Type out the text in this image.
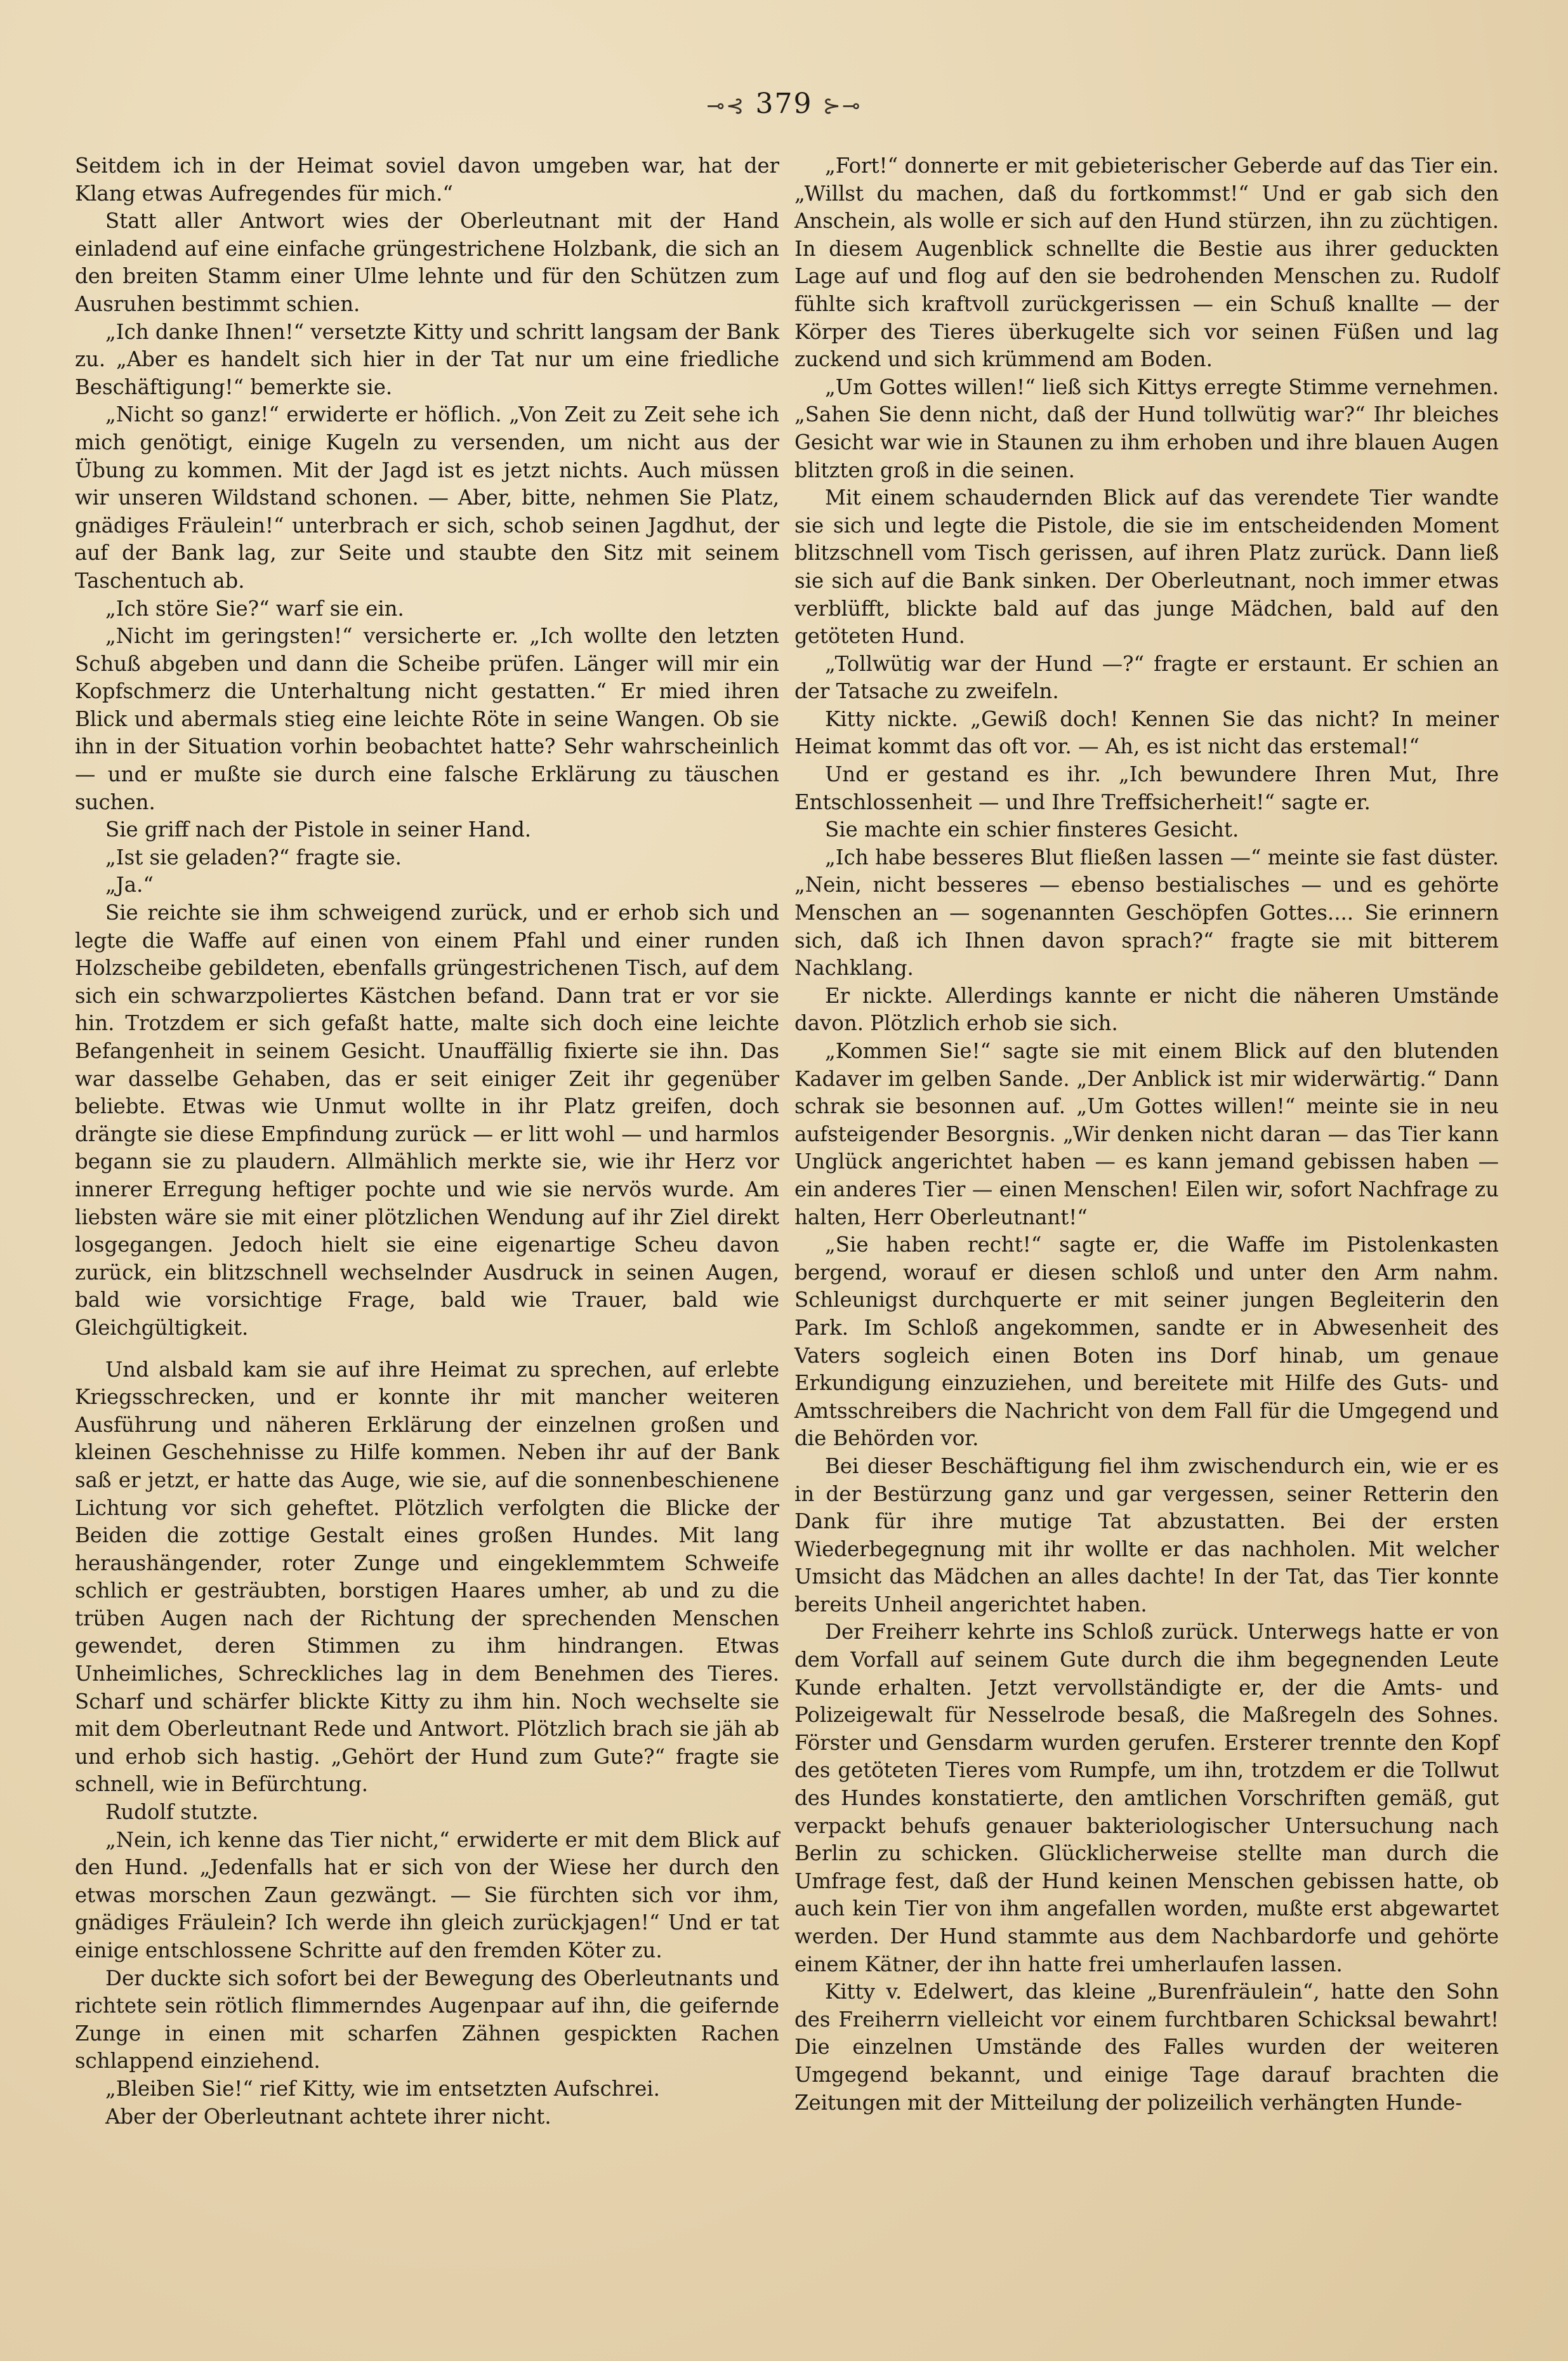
⊸⊰ 379 ⊱⊸

Seitdem ich in der Heimat soviel davon umgeben war, hat der Klang etwas Aufregendes für mich.“

Statt aller Antwort wies der Oberleutnant mit der Hand einladend auf eine einfache grüngestrichene Holzbank, die sich an den breiten Stamm einer Ulme lehnte und für den Schützen zum Ausruhen bestimmt schien.

„Ich danke Ihnen!“ versetzte Kitty und schritt langsam der Bank zu. „Aber es handelt sich hier in der Tat nur um eine friedliche Beschäftigung!“ bemerkte sie.

„Nicht so ganz!“ erwiderte er höflich. „Von Zeit zu Zeit sehe ich mich genötigt, einige Kugeln zu versenden, um nicht aus der Übung zu kommen. Mit der Jagd ist es jetzt nichts. Auch müssen wir unseren Wildstand schonen. — Aber, bitte, nehmen Sie Platz, gnädiges Fräulein!“ unterbrach er sich, schob seinen Jagdhut, der auf der Bank lag, zur Seite und staubte den Sitz mit seinem Taschentuch ab.

„Ich störe Sie?“ warf sie ein.

„Nicht im geringsten!“ versicherte er. „Ich wollte den letzten Schuß abgeben und dann die Scheibe prüfen. Länger will mir ein Kopfschmerz die Unterhaltung nicht gestatten.“ Er mied ihren Blick und abermals stieg eine leichte Röte in seine Wangen. Ob sie ihn in der Situation vorhin beobachtet hatte? Sehr wahrscheinlich — und er mußte sie durch eine falsche Erklärung zu täuschen suchen.

Sie griff nach der Pistole in seiner Hand.

„Ist sie geladen?“ fragte sie.

„Ja.“

Sie reichte sie ihm schweigend zurück, und er erhob sich und legte die Waffe auf einen von einem Pfahl und einer runden Holzscheibe gebildeten, ebenfalls grüngestrichenen Tisch, auf dem sich ein schwarzpoliertes Kästchen befand. Dann trat er vor sie hin. Trotzdem er sich gefaßt hatte, malte sich doch eine leichte Befangenheit in seinem Gesicht. Unauffällig fixierte sie ihn. Das war dasselbe Gehaben, das er seit einiger Zeit ihr gegenüber beliebte. Etwas wie Unmut wollte in ihr Platz greifen, doch drängte sie diese Empfindung zurück — er litt wohl — und harmlos begann sie zu plaudern. Allmählich merkte sie, wie ihr Herz vor innerer Erregung heftiger pochte und wie sie nervös wurde. Am liebsten wäre sie mit einer plötzlichen Wendung auf ihr Ziel direkt losgegangen. Jedoch hielt sie eine eigenartige Scheu davon zurück, ein blitzschnell wechselnder Ausdruck in seinen Augen, bald wie vorsichtige Frage, bald wie Trauer, bald wie Gleichgültigkeit.

Und alsbald kam sie auf ihre Heimat zu sprechen, auf erlebte Kriegsschrecken, und er konnte ihr mit mancher weiteren Ausführung und näheren Erklärung der einzelnen großen und kleinen Geschehnisse zu Hilfe kommen. Neben ihr auf der Bank saß er jetzt, er hatte das Auge, wie sie, auf die sonnenbeschienene Lichtung vor sich geheftet. Plötzlich verfolgten die Blicke der Beiden die zottige Gestalt eines großen Hundes. Mit lang heraushängender, roter Zunge und eingeklemmtem Schweife schlich er gesträubten, borstigen Haares umher, ab und zu die trüben Augen nach der Richtung der sprechenden Menschen gewendet, deren Stimmen zu ihm hindrangen. Etwas Unheimliches, Schreckliches lag in dem Benehmen des Tieres. Scharf und schärfer blickte Kitty zu ihm hin. Noch wechselte sie mit dem Oberleutnant Rede und Antwort. Plötzlich brach sie jäh ab und erhob sich hastig. „Gehört der Hund zum Gute?“ fragte sie schnell, wie in Befürchtung.

Rudolf stutzte.

„Nein, ich kenne das Tier nicht,“ erwiderte er mit dem Blick auf den Hund. „Jedenfalls hat er sich von der Wiese her durch den etwas morschen Zaun gezwängt. — Sie fürchten sich vor ihm, gnädiges Fräulein? Ich werde ihn gleich zurückjagen!“ Und er tat einige entschlossene Schritte auf den fremden Köter zu.

Der duckte sich sofort bei der Bewegung des Oberleutnants und richtete sein rötlich flimmerndes Augenpaar auf ihn, die geifernde Zunge in einen mit scharfen Zähnen gespickten Rachen schlappend einziehend.

„Bleiben Sie!“ rief Kitty, wie im entsetzten Aufschrei.

Aber der Oberleutnant achtete ihrer nicht.

„Fort!“ donnerte er mit gebieterischer Geberde auf das Tier ein. „Willst du machen, daß du fortkommst!“ Und er gab sich den Anschein, als wolle er sich auf den Hund stürzen, ihn zu züchtigen. In diesem Augenblick schnellte die Bestie aus ihrer geduckten Lage auf und flog auf den sie bedrohenden Menschen zu. Rudolf fühlte sich kraftvoll zurückgerissen — ein Schuß knallte — der Körper des Tieres überkugelte sich vor seinen Füßen und lag zuckend und sich krümmend am Boden.

„Um Gottes willen!“ ließ sich Kittys erregte Stimme vernehmen. „Sahen Sie denn nicht, daß der Hund tollwütig war?“ Ihr bleiches Gesicht war wie in Staunen zu ihm erhoben und ihre blauen Augen blitzten groß in die seinen.

Mit einem schaudernden Blick auf das verendete Tier wandte sie sich und legte die Pistole, die sie im entscheidenden Moment blitzschnell vom Tisch gerissen, auf ihren Platz zurück. Dann ließ sie sich auf die Bank sinken. Der Oberleutnant, noch immer etwas verblüfft, blickte bald auf das junge Mädchen, bald auf den getöteten Hund.

„Tollwütig war der Hund —?“ fragte er erstaunt. Er schien an der Tatsache zu zweifeln.

Kitty nickte. „Gewiß doch! Kennen Sie das nicht? In meiner Heimat kommt das oft vor. — Ah, es ist nicht das erstemal!“

Und er gestand es ihr. „Ich bewundere Ihren Mut, Ihre Entschlossenheit — und Ihre Treffsicherheit!“ sagte er.

Sie machte ein schier finsteres Gesicht.

„Ich habe besseres Blut fließen lassen —“ meinte sie fast düster. „Nein, nicht besseres — ebenso bestialisches — und es gehörte Menschen an — sogenannten Geschöpfen Gottes.... Sie erinnern sich, daß ich Ihnen davon sprach?“ fragte sie mit bitterem Nachklang.

Er nickte. Allerdings kannte er nicht die näheren Umstände davon. Plötzlich erhob sie sich.

„Kommen Sie!“ sagte sie mit einem Blick auf den blutenden Kadaver im gelben Sande. „Der Anblick ist mir widerwärtig.“ Dann schrak sie besonnen auf. „Um Gottes willen!“ meinte sie in neu aufsteigender Besorgnis. „Wir denken nicht daran — das Tier kann Unglück angerichtet haben — es kann jemand gebissen haben — ein anderes Tier — einen Menschen! Eilen wir, sofort Nachfrage zu halten, Herr Oberleutnant!“

„Sie haben recht!“ sagte er, die Waffe im Pistolenkasten bergend, worauf er diesen schloß und unter den Arm nahm. Schleunigst durchquerte er mit seiner jungen Begleiterin den Park. Im Schloß angekommen, sandte er in Abwesenheit des Vaters sogleich einen Boten ins Dorf hinab, um genaue Erkundigung einzuziehen, und bereitete mit Hilfe des Guts- und Amtsschreibers die Nachricht von dem Fall für die Umgegend und die Behörden vor.

Bei dieser Beschäftigung fiel ihm zwischendurch ein, wie er es in der Bestürzung ganz und gar vergessen, seiner Retterin den Dank für ihre mutige Tat abzustatten. Bei der ersten Wiederbegegnung mit ihr wollte er das nachholen. Mit welcher Umsicht das Mädchen an alles dachte! In der Tat, das Tier konnte bereits Unheil angerichtet haben.

Der Freiherr kehrte ins Schloß zurück. Unterwegs hatte er von dem Vorfall auf seinem Gute durch die ihm begegnenden Leute Kunde erhalten. Jetzt vervollständigte er, der die Amts- und Polizeigewalt für Nesselrode besaß, die Maßregeln des Sohnes. Förster und Gensdarm wurden gerufen. Ersterer trennte den Kopf des getöteten Tieres vom Rumpfe, um ihn, trotzdem er die Tollwut des Hundes konstatierte, den amtlichen Vorschriften gemäß, gut verpackt behufs genauer bakteriologischer Untersuchung nach Berlin zu schicken. Glücklicherweise stellte man durch die Umfrage fest, daß der Hund keinen Menschen gebissen hatte, ob auch kein Tier von ihm angefallen worden, mußte erst abgewartet werden. Der Hund stammte aus dem Nachbardorfe und gehörte einem Kätner, der ihn hatte frei umherlaufen lassen.

Kitty v. Edelwert, das kleine „Burenfräulein“, hatte den Sohn des Freiherrn vielleicht vor einem furchtbaren Schicksal bewahrt! Die einzelnen Umstände des Falles wurden der weiteren Umgegend bekannt, und einige Tage darauf brachten die Zeitungen mit der Mitteilung der polizeilich verhängten Hunde-
